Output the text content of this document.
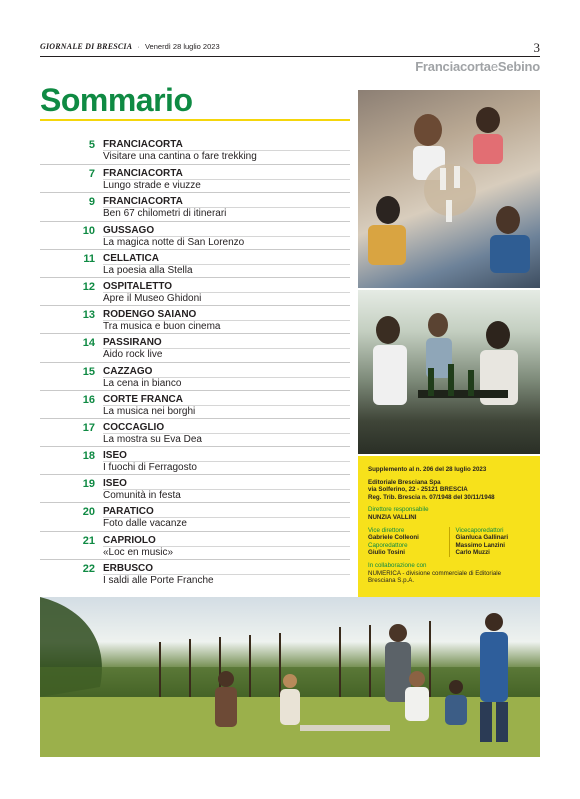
GIORNALE DI BRESCIA · Venerdì 28 luglio 2023	3
FranciacortaeSebino
Sommario
5 FRANCIACORTA
Visitare una cantina o fare trekking
7 FRANCIACORTA
Lungo strade e viuzze
9 FRANCIACORTA
Ben 67 chilometri di itinerari
10 GUSSAGO
La magica notte di San Lorenzo
11 CELLATICA
La poesia alla Stella
12 OSPITALETTO
Apre il Museo Ghidoni
13 RODENGO SAIANO
Tra musica e buon cinema
14 PASSIRANO
Aido rock live
15 CAZZAGO
La cena in bianco
16 CORTE FRANCA
La musica nei borghi
17 COCCAGLIO
La mostra su Eva Dea
18 ISEO
I fuochi di Ferragosto
19 ISEO
Comunità in festa
20 PARATICO
Foto dalle vacanze
21 CAPRIOLO
«Loc en music»
22 ERBUSCO
I saldi alle Porte Franche
Supplemento al n. 206 del 28 luglio 2023
Editoriale Bresciana Spa
via Solferino, 22 - 25121 BRESCIA
Reg. Trib. Brescia n. 07/1948 del 30/11/1948
Direttore responsabile
NUNZIA VALLINI
Vice direttore
Gabriele Colleoni
Caporedattore
Giulio Tosini
Vicecaporedattori
Gianluca Gallinari
Massimo Lanzini
Carlo Muzzi
In collaborazione con
NUMERICA - divisione commerciale di Editoriale Bresciana S.p.A.
